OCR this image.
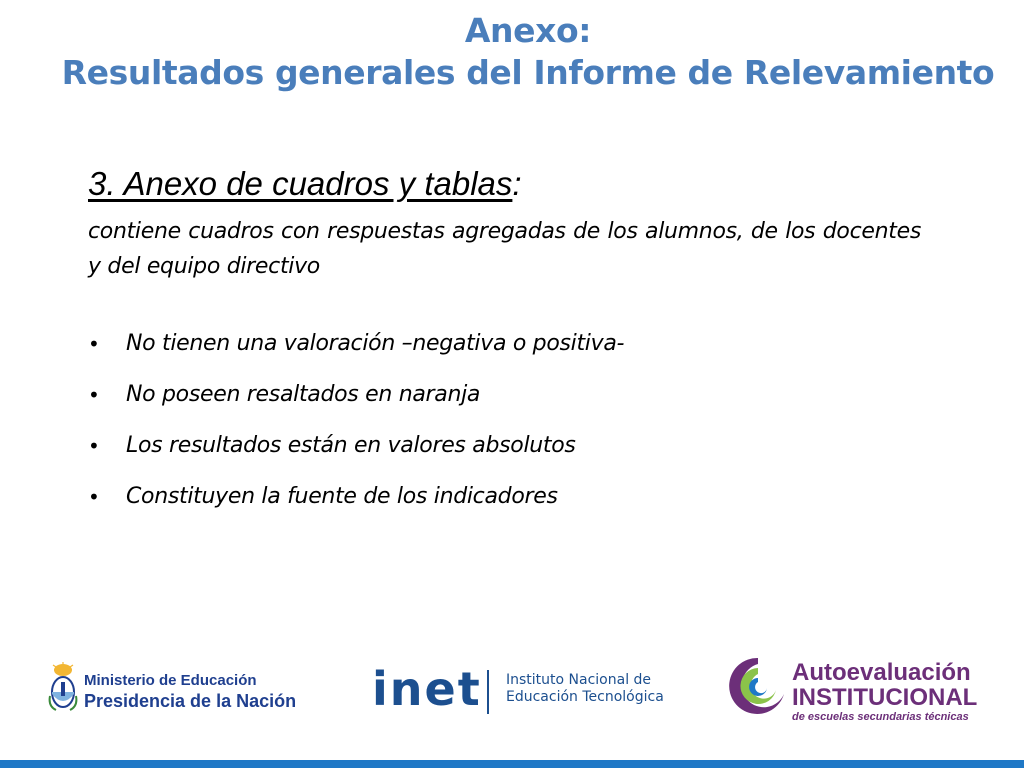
Anexo:
Resultados generales del Informe de Relevamiento
3. Anexo de cuadros y tablas:
contiene cuadros con respuestas agregadas de los alumnos, de los docentes y del equipo directivo
• No tienen una valoración –negativa o positiva-
• No poseen resaltados en naranja
• Los resultados están en valores absolutos
• Constituyen la fuente de los indicadores
Ministerio de Educación
Presidencia de la Nación inet Instituto Nacional de
Educación Tecnológica
Autoevaluación
INSTITUCIONAL
de escuelas secundarias técnicas
